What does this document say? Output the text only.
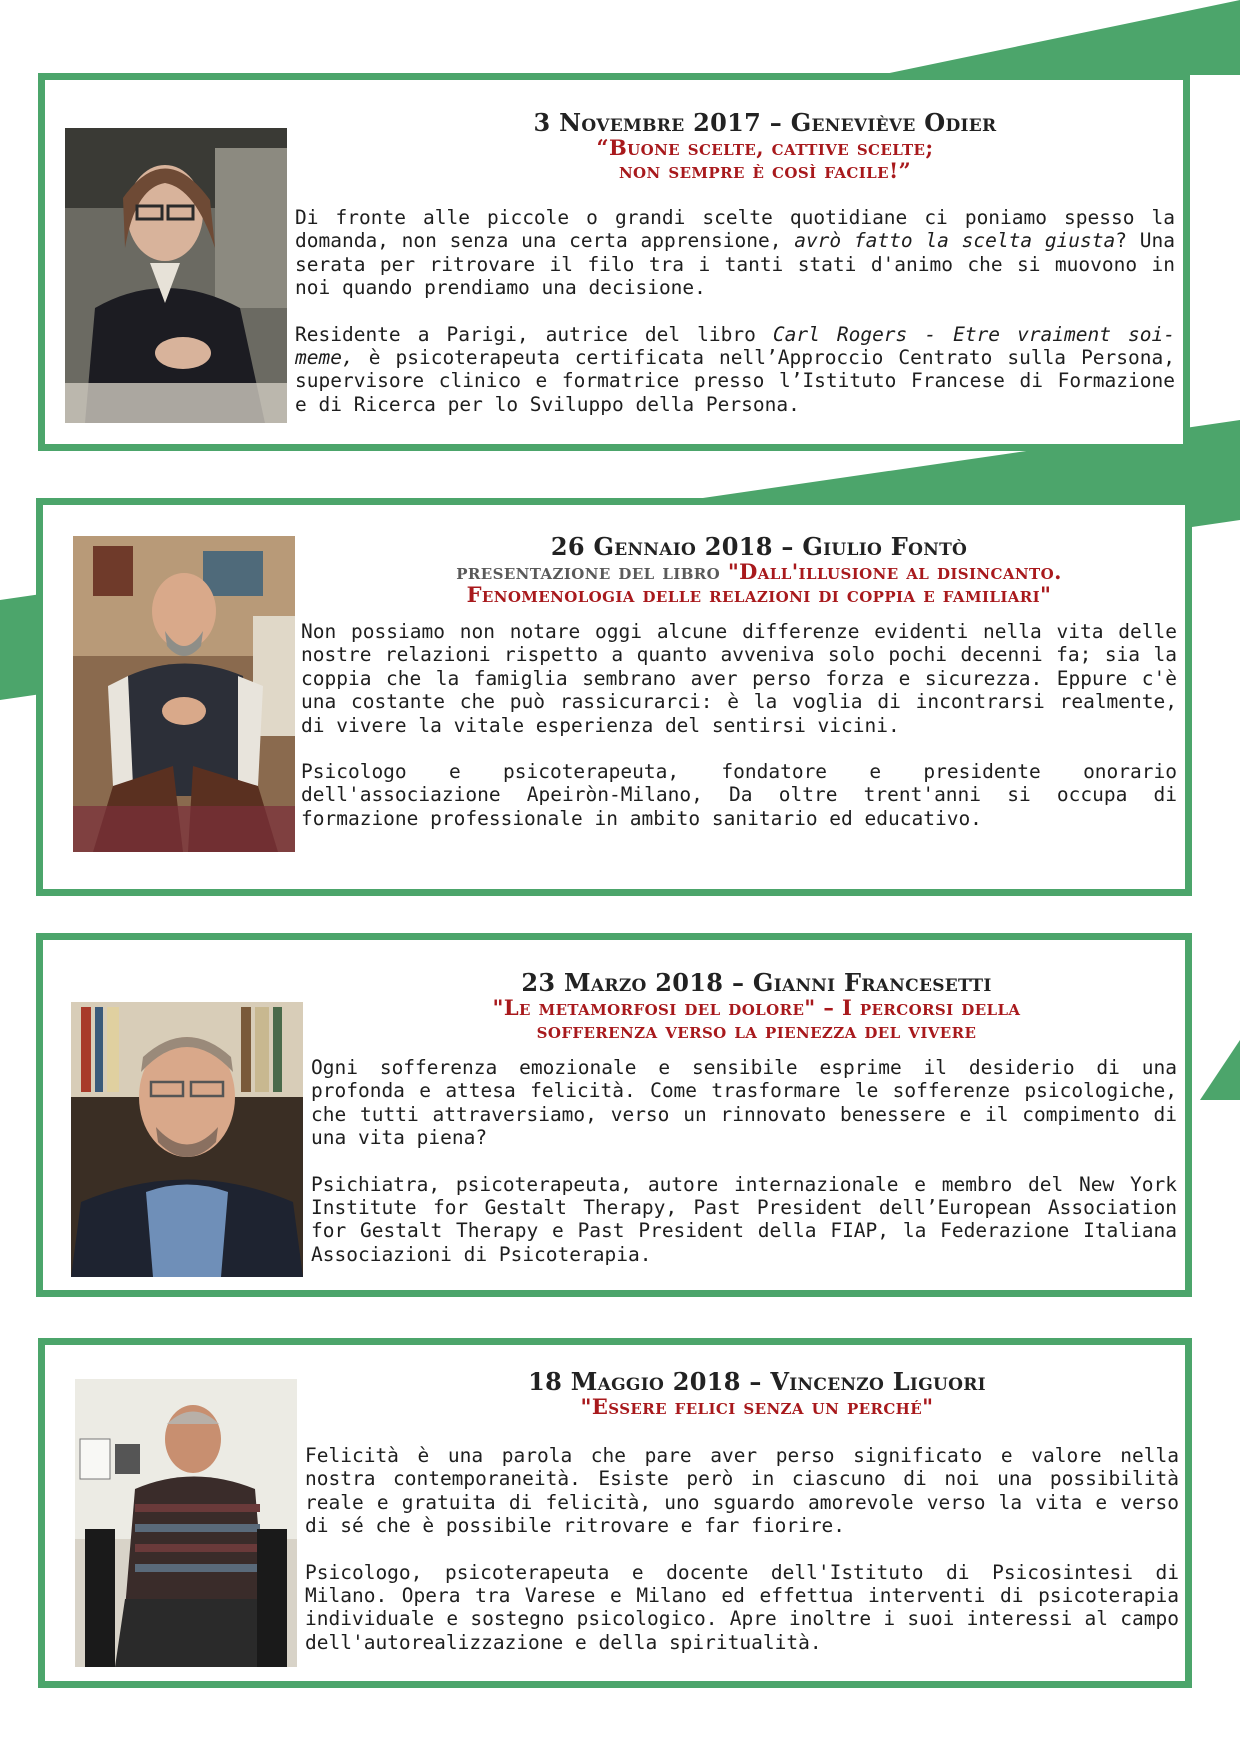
3 Novembre 2017 – Geneviève Odier
“Buone scelte, cattive scelte;
non sempre è così facile!”

Di fronte alle piccole o grandi scelte quotidiane ci poniamo spesso la domanda, non senza una certa apprensione, avrò fatto la scelta giusta? Una serata per ritrovare il filo tra i tanti stati d'animo che si muovono in noi quando prendiamo una decisione.

Residente a Parigi, autrice del libro Carl Rogers - Etre vraiment soi-meme, è psicoterapeuta certificata nell’Approccio Centrato sulla Persona, supervisore clinico e formatrice presso l’Istituto Francese di Formazione e di Ricerca per lo Sviluppo della Persona.

26 Gennaio 2018 – Giulio Fontò
presentazione del libro "Dall'illusione al disincanto.
Fenomenologia delle relazioni di coppia e familiari"

Non possiamo non notare oggi alcune differenze evidenti nella vita delle nostre relazioni rispetto a quanto avveniva solo pochi decenni fa; sia la coppia che la famiglia sembrano aver perso forza e sicurezza. Eppure c'è una costante che può rassicurarci: è la voglia di incontrarsi realmente, di vivere la vitale esperienza del sentirsi vicini.

Psicologo e psicoterapeuta, fondatore e presidente onorario dell'associazione Apeiròn-Milano, Da oltre trent'anni si occupa di formazione professionale in ambito sanitario ed educativo.

23 Marzo 2018 – Gianni Francesetti
"Le metamorfosi del dolore" – I percorsi della
sofferenza verso la pienezza del vivere

Ogni sofferenza emozionale e sensibile esprime il desiderio di una profonda e attesa felicità. Come trasformare le sofferenze psicologiche, che tutti attraversiamo, verso un rinnovato benessere e il compimento di una vita piena?

Psichiatra, psicoterapeuta, autore internazionale e membro del New York Institute for Gestalt Therapy, Past President dell’European Association for Gestalt Therapy e Past President della FIAP, la Federazione Italiana Associazioni di Psicoterapia.

18 Maggio 2018 – Vincenzo Liguori
"Essere felici senza un perché"

Felicità è una parola che pare aver perso significato e valore nella nostra contemporaneità. Esiste però in ciascuno di noi una possibilità reale e gratuita di felicità, uno sguardo amorevole verso la vita e verso di sé che è possibile ritrovare e far fiorire.

Psicologo, psicoterapeuta e docente dell'Istituto di Psicosintesi di Milano. Opera tra Varese e Milano ed effettua interventi di psicoterapia individuale e sostegno psicologico. Apre inoltre i suoi interessi al campo dell'autorealizzazione e della spiritualità.
